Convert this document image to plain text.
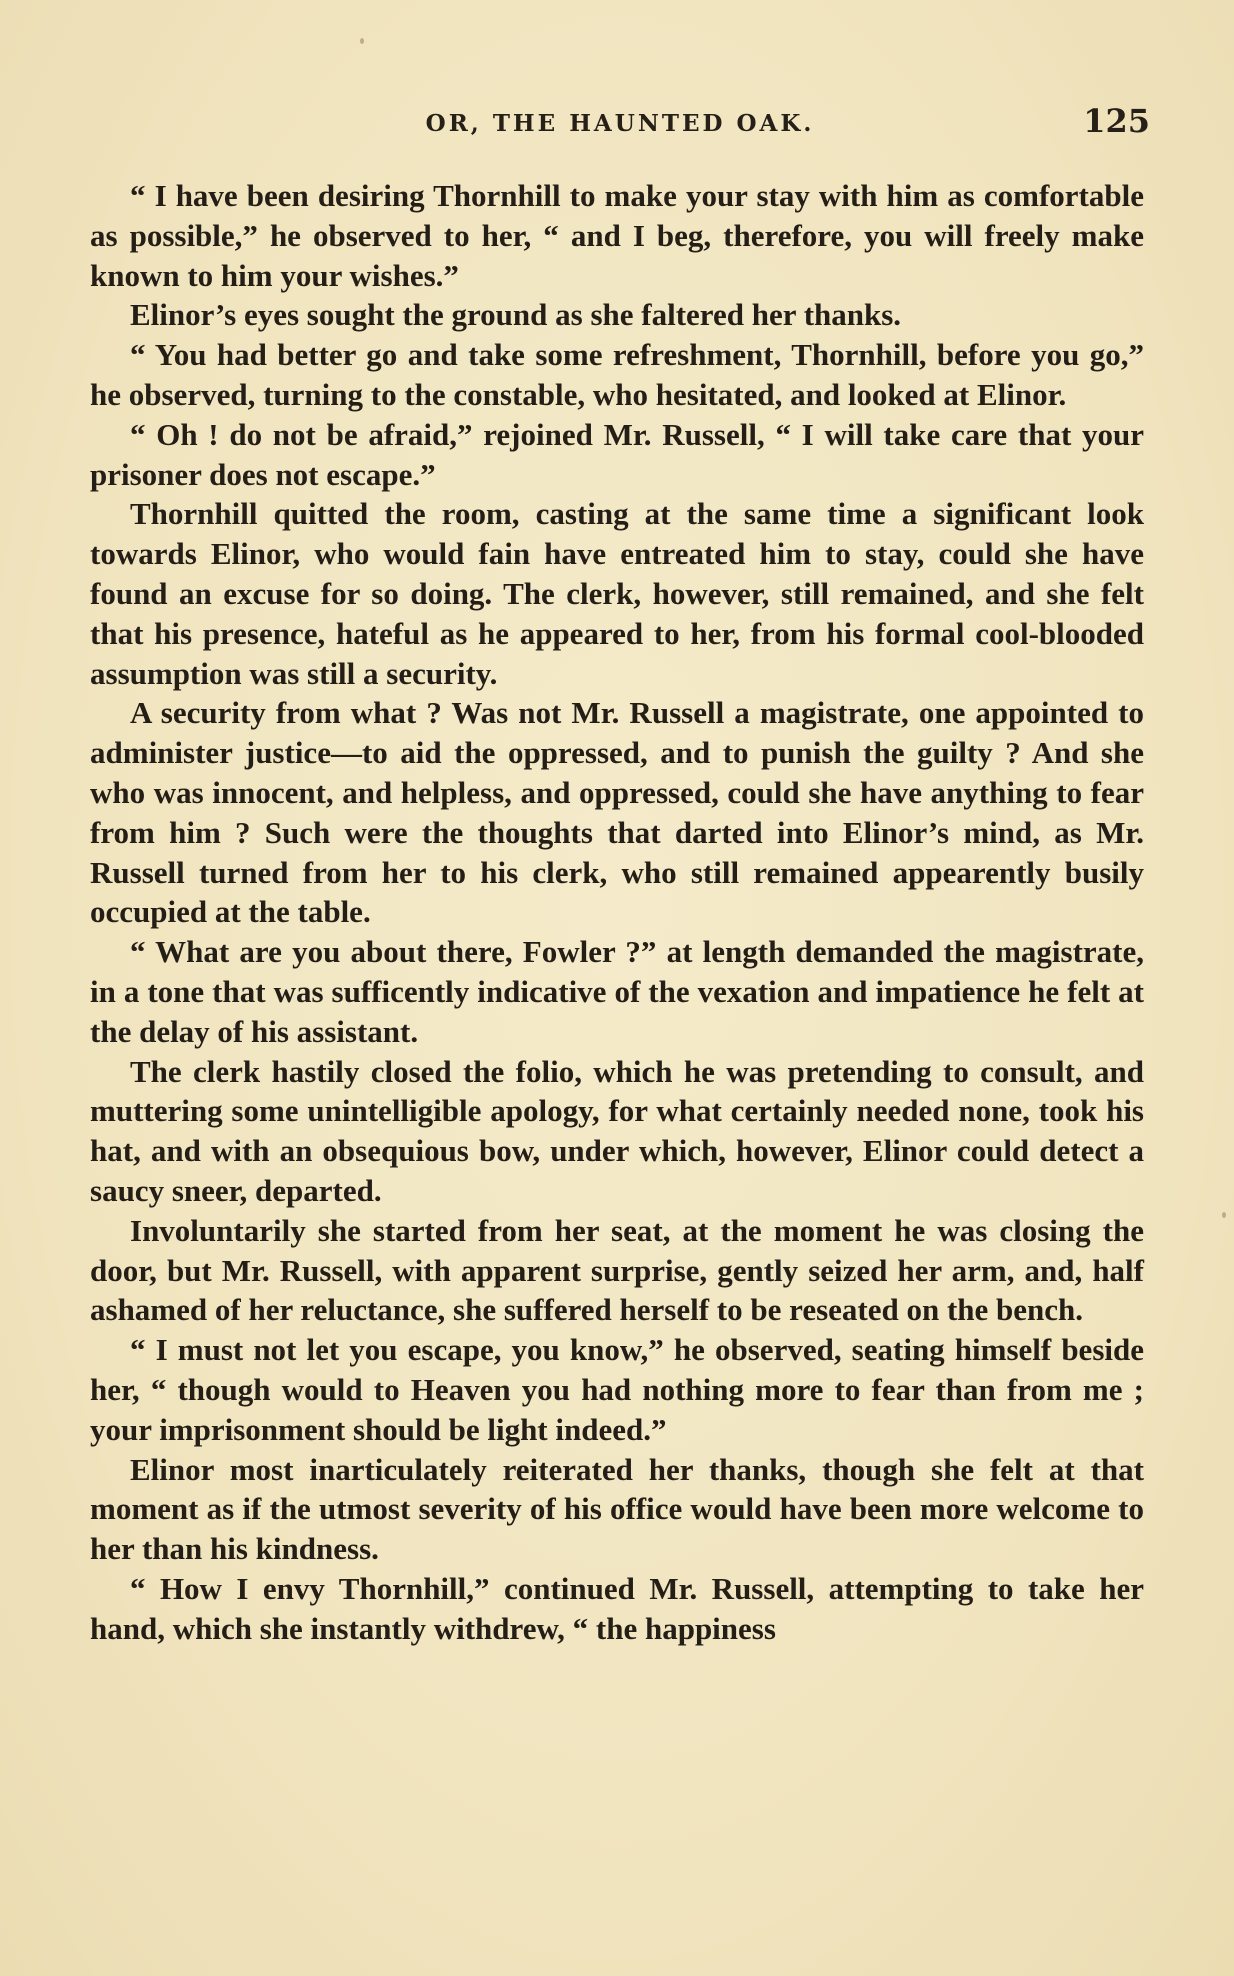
OR, THE HAUNTED OAK.	125

“ I have been desiring Thornhill to make your stay with him as comfortable as possible,” he observed to her, “ and I beg, therefore, you will freely make known to him your wishes.”

Elinor’s eyes sought the ground as she faltered her thanks.

“ You had better go and take some refreshment, Thornhill, before you go,” he observed, turning to the constable, who hesitated, and looked at Elinor.

“ Oh ! do not be afraid,” rejoined Mr. Russell, “ I will take care that your prisoner does not escape.”

Thornhill quitted the room, casting at the same time a significant look towards Elinor, who would fain have entreated him to stay, could she have found an excuse for so doing. The clerk, however, still remained, and she felt that his presence, hateful as he appeared to her, from his formal cool-blooded assumption was still a security.

A security from what ? Was not Mr. Russell a magistrate, one appointed to administer justice—to aid the oppressed, and to punish the guilty ? And she who was innocent, and helpless, and oppressed, could she have anything to fear from him ? Such were the thoughts that darted into Elinor’s mind, as Mr. Russell turned from her to his clerk, who still remained appearently busily occupied at the table.

“ What are you about there, Fowler ?” at length demanded the magistrate, in a tone that was sufficently indicative of the vexation and impatience he felt at the delay of his assistant.

The clerk hastily closed the folio, which he was pretending to consult, and muttering some unintelligible apology, for what certainly needed none, took his hat, and with an obsequious bow, under which, however, Elinor could detect a saucy sneer, departed.

Involuntarily she started from her seat, at the moment he was closing the door, but Mr. Russell, with apparent surprise, gently seized her arm, and, half ashamed of her reluctance, she suffered herself to be reseated on the bench.

“ I must not let you escape, you know,” he observed, seating himself beside her, “ though would to Heaven you had nothing more to fear than from me ; your imprisonment should be light indeed.”

Elinor most inarticulately reiterated her thanks, though she felt at that moment as if the utmost severity of his office would have been more welcome to her than his kindness.

“ How I envy Thornhill,” continued Mr. Russell, attempting to take her hand, which she instantly withdrew, “ the happiness
